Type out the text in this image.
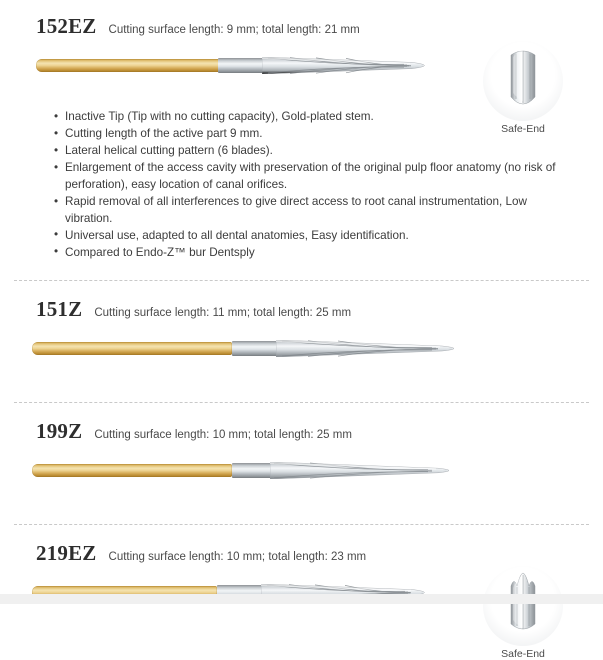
152EZ Cutting surface length: 9 mm; total length: 21 mm
Safe-End
• Inactive Tip (Tip with no cutting capacity), Gold-plated stem.
• Cutting length of the active part 9 mm.
• Lateral helical cutting pattern (6 blades).
• Enlargement of the access cavity with preservation of the original pulp floor anatomy (no risk of perforation), easy location of canal orifices.
• Rapid removal of all interferences to give direct access to root canal instrumentation, Low vibration.
• Universal use, adapted to all dental anatomies, Easy identification.
• Compared to Endo-Z™ bur Dentsply
151Z Cutting surface length: 11 mm; total length: 25 mm
199Z Cutting surface length: 10 mm; total length: 25 mm
219EZ Cutting surface length: 10 mm; total length: 23 mm
Safe-End
